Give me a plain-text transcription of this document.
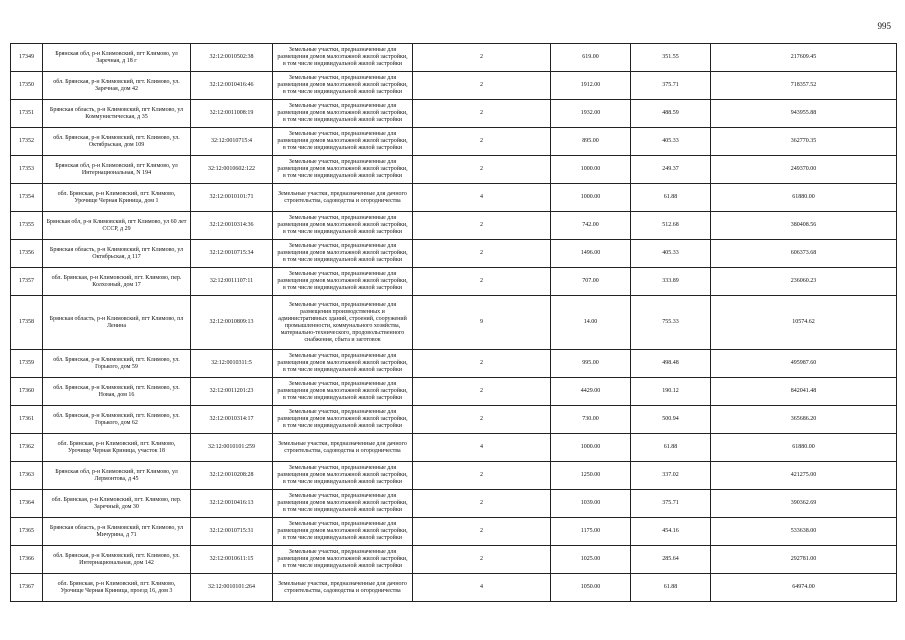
995
17349	Брянская обл, р-н Климовский, пгт Климово, ул Заречная, д 18 г	32:12:0010502:38	Земельные участки, предназначенные для размещения домов малоэтажной жилой застройки, в том числе индивидуальной жилой застройки	2	619.00	351.55	217609.45
17350	обл. Брянская, р-н Климовский, пгт. Климово, ул. Заречная, дом 42	32:12:0010416:46	Земельные участки, предназначенные для размещения домов малоэтажной жилой застройки, в том числе индивидуальной жилой застройки	2	1912.00	375.71	718357.52
17351	Брянская область, р-н Климовский, пгт Климово, ул Коммунистическая, д 35	32:12:0011008:19	Земельные участки, предназначенные для размещения домов малоэтажной жилой застройки, в том числе индивидуальной жилой застройки	2	1932.00	488.59	943955.88
17352	обл. Брянская, р-н Климовский, пгт. Климово, ул. Октябрьская, дом 109	32:12:0010715:4	Земельные участки, предназначенные для размещения домов малоэтажной жилой застройки, в том числе индивидуальной жилой застройки	2	895.00	405.33	362770.35
17353	Брянская обл, р-н Климовский, пгт Климово, ул Интернациональная, N 194	32:12:0010602:122	Земельные участки, предназначенные для размещения домов малоэтажной жилой застройки, в том числе индивидуальной жилой застройки	2	1000.00	249.37	249370.00
17354	обл. Брянская, р-н Климовский, пгт. Климово, Урочище Черная Криница, дом 1	32:12:0010101:71	Земельные участки, предназначенные для дачного строительства, садоводства и огородничества	4	1000.00	61.88	61880.00
17355	Брянская обл, р-н Климовский, пгт Климово, ул 60 лет СССР, д 29	32:12:0010314:36	Земельные участки, предназначенные для размещения домов малоэтажной жилой застройки, в том числе индивидуальной жилой застройки	2	742.00	512.68	380408.56
17356	Брянская область, р-н Климовский, пгт Климово, ул Октябрьская, д 117	32:12:0010715:34	Земельные участки, предназначенные для размещения домов малоэтажной жилой застройки, в том числе индивидуальной жилой застройки	2	1496.00	405.33	606373.68
17357	обл. Брянская, р-н Климовский, пгт. Климово, пер. Колхозный, дом 17	32:12:0011107:11	Земельные участки, предназначенные для размещения домов малоэтажной жилой застройки, в том числе индивидуальной жилой застройки	2	707.00	333.89	236060.23
17358	Брянская область, р-н Климовский, пгт Климово, пл Ленина	32:12:0010809:13	Земельные участки, предназначенные для размещения производственных и административных зданий, строений, сооружений промышленности, коммунального хозяйства, материально-технического, продовольственного снабжения, сбыта и заготовок	9	14.00	755.33	10574.62
17359	обл. Брянская, р-н Климовский, пгт. Климово, ул. Горького, дом 59	32:12:0010311:5	Земельные участки, предназначенные для размещения домов малоэтажной жилой застройки, в том числе индивидуальной жилой застройки	2	995.00	498.48	495987.60
17360	обл. Брянская, р-н Климовский, пгт. Климово, ул. Новая, дом 16	32:12:0011201:23	Земельные участки, предназначенные для размещения домов малоэтажной жилой застройки, в том числе индивидуальной жилой застройки	2	4429.00	190.12	842041.48
17361	обл. Брянская, р-н Климовский, пгт. Климово, ул. Горького, дом 62	32:12:0010314:17	Земельные участки, предназначенные для размещения домов малоэтажной жилой застройки, в том числе индивидуальной жилой застройки	2	730.00	500.94	365686.20
17362	обл. Брянская, р-н Климовский, пгт. Климово, Урочище Черная Криница, участок 18	32:12:0010101:259	Земельные участки, предназначенные для дачного строительства, садоводства и огородничества	4	1000.00	61.88	61880.00
17363	Брянская обл, р-н Климовский, пгт Климово, ул Лермонтова, д 45	32:12:0010208:28	Земельные участки, предназначенные для размещения домов малоэтажной жилой застройки, в том числе индивидуальной жилой застройки	2	1250.00	337.02	421275.00
17364	обл. Брянская, р-н Климовский, пгт. Климово, пер. Заречный, дом 30	32:12:0010416:13	Земельные участки, предназначенные для размещения домов малоэтажной жилой застройки, в том числе индивидуальной жилой застройки	2	1039.00	375.71	390362.69
17365	Брянская область, р-н Климовский, пгт Климово, ул Мичурина, д 71	32:12:0010715:31	Земельные участки, предназначенные для размещения домов малоэтажной жилой застройки, в том числе индивидуальной жилой застройки	2	1175.00	454.16	533638.00
17366	обл. Брянская, р-н Климовский, пгт. Климово, ул. Интернациональная, дом 142	32:12:0010611:15	Земельные участки, предназначенные для размещения домов малоэтажной жилой застройки, в том числе индивидуальной жилой застройки	2	1025.00	285.64	292781.00
17367	обл. Брянская, р-н Климовский, пгт. Климово, Урочище Черная Криница, проезд 16, дом 3	32:12:0010101:264	Земельные участки, предназначенные для дачного строительства, садоводства и огородничества	4	1050.00	61.88	64974.00
